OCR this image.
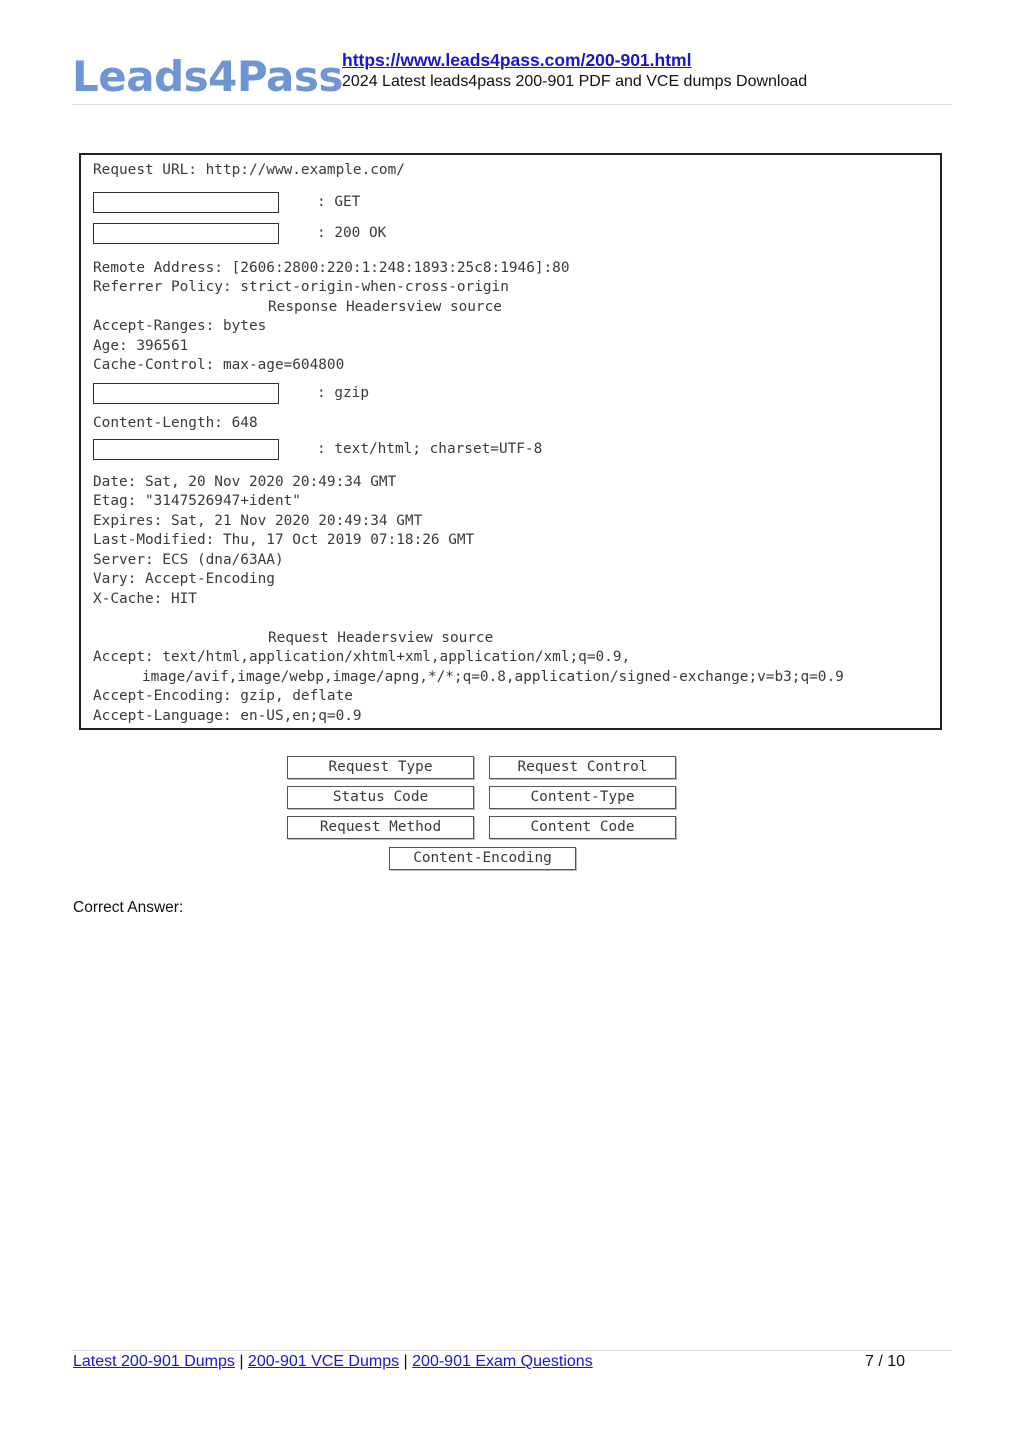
Leads4Pass https://www.leads4pass.com/200-901.html
2024 Latest leads4pass 200-901 PDF and VCE dumps Download
Request URL: http://www.example.com/
: GET
: 200 OK
Remote Address: [2606:2800:220:1:248:1893:25c8:1946]:80
Referrer Policy: strict-origin-when-cross-origin
Response Headersview source
Accept-Ranges: bytes
Age: 396561
Cache-Control: max-age=604800
: gzip
Content-Length: 648
: text/html; charset=UTF-8
Date: Sat, 20 Nov 2020 20:49:34 GMT
Etag: "3147526947+ident"
Expires: Sat, 21 Nov 2020 20:49:34 GMT
Last-Modified: Thu, 17 Oct 2019 07:18:26 GMT
Server: ECS (dna/63AA)
Vary: Accept-Encoding
X-Cache: HIT
Request Headersview source
Accept: text/html,application/xhtml+xml,application/xml;q=0.9,
image/avif,image/webp,image/apng,*/*;q=0.8,application/signed-exchange;v=b3;q=0.9
Accept-Encoding: gzip, deflate
Accept-Language: en-US,en;q=0.9
Request Type	Request Control
Status Code	Content-Type
Request Method	Content Code
Content-Encoding
Correct Answer:
Latest 200-901 Dumps | 200-901 VCE Dumps | 200-901 Exam Questions	7 / 10
